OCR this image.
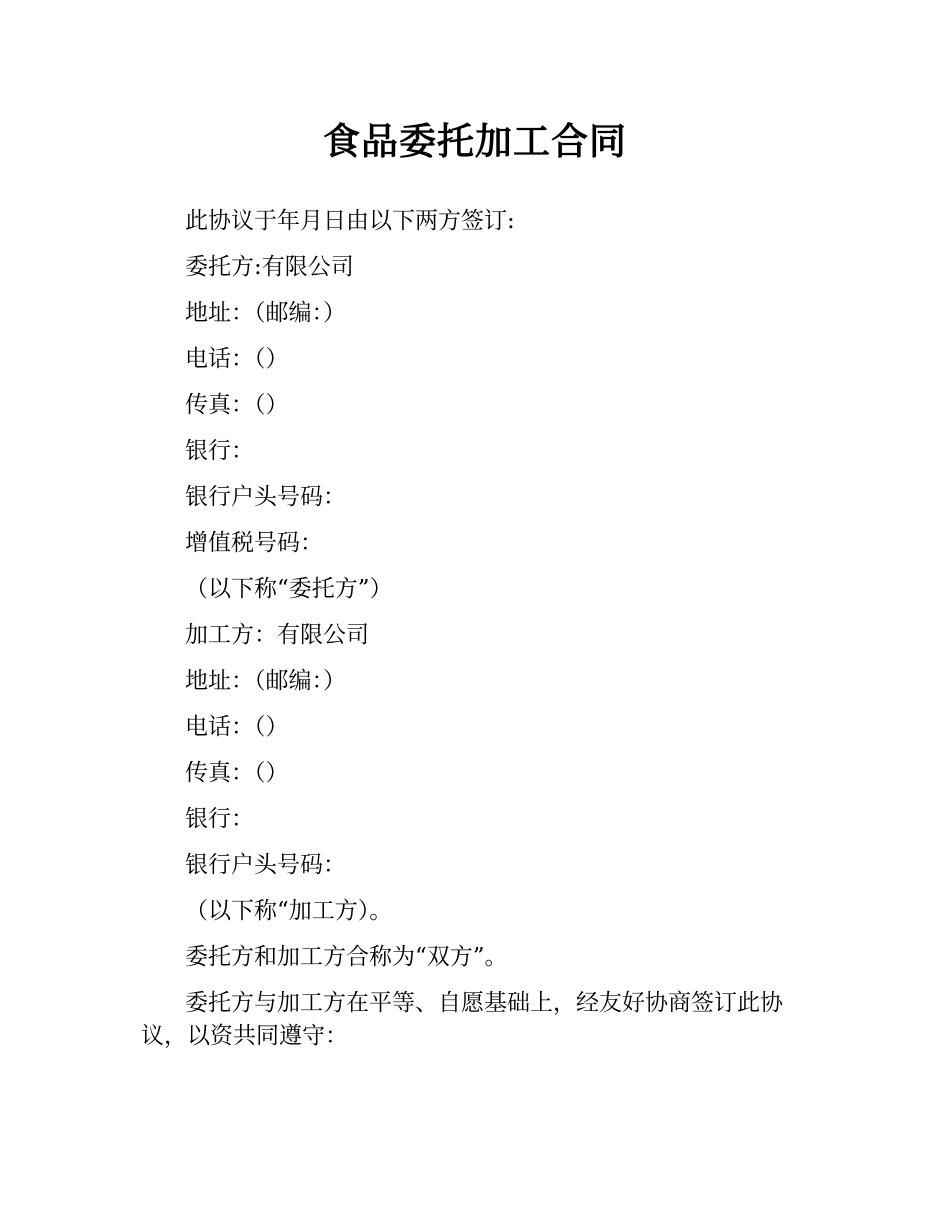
食品委托加工合同

此协议于年月日由以下两方签订:

委托方:有限公司

地址：（邮编：）

电话：（）

传真：（）

银行：

银行户头号码：

增值税号码：

（以下称“委托方”）

加工方：有限公司

地址：（邮编：）

电话：（）

传真：（）

银行：

银行户头号码：

（以下称“加工方）。

委托方和加工方合称为“双方”。

委托方与加工方在平等、自愿基础上，经友好协商签订此协议，以资共同遵守：
